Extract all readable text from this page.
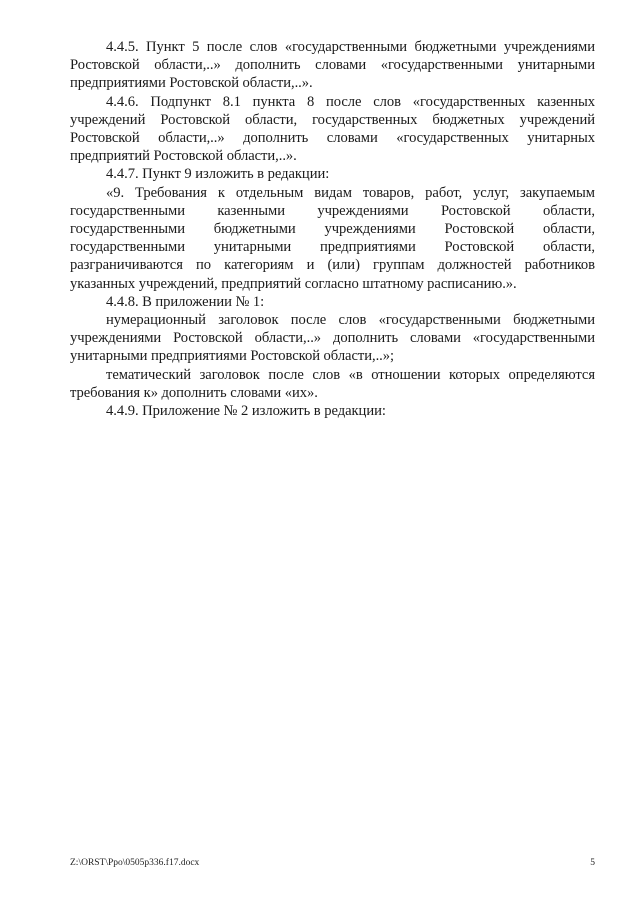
4.4.5. Пункт 5 после слов «государственными бюджетными учреждениями Ростовской области,..» дополнить словами «государственными унитарными предприятиями Ростовской области,..».

4.4.6. Подпункт 8.1 пункта 8 после слов «государственных казенных учреждений Ростовской области, государственных бюджетных учреждений Ростовской области,..» дополнить словами «государственных унитарных предприятий Ростовской области,..».

4.4.7. Пункт 9 изложить в редакции:

«9. Требования к отдельным видам товаров, работ, услуг, закупаемым государственными казенными учреждениями Ростовской области, государственными бюджетными учреждениями Ростовской области, государственными унитарными предприятиями Ростовской области, разграничиваются по категориям и (или) группам должностей работников указанных учреждений, предприятий согласно штатному расписанию.».

4.4.8. В приложении № 1:

нумерационный заголовок после слов «государственными бюджетными учреждениями Ростовской области,..» дополнить словами «государственными унитарными предприятиями Ростовской области,..»;

тематический заголовок после слов «в отношении которых определяются требования к» дополнить словами «их».

4.4.9. Приложение № 2 изложить в редакции:

Z:\ORST\Ppo\0505p336.f17.docx	5
